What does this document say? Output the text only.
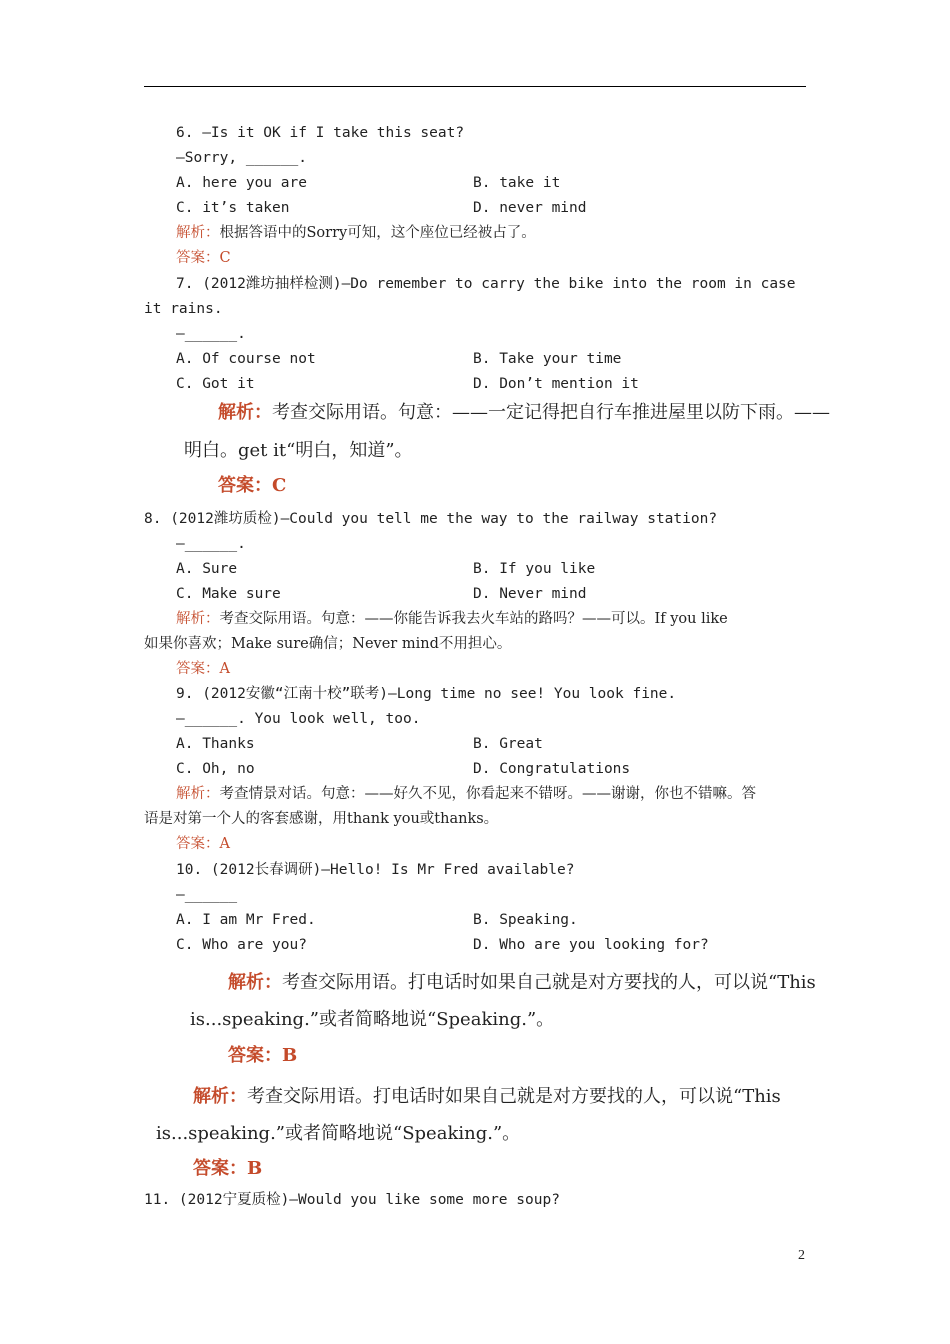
6. —Is it OK if I take this seat?
—Sorry, ______.
A. here you are	B. take it
C. it’s taken	D. never mind
解析：根据答语中的Sorry可知，这个座位已经被占了。
答案：C
7. (2012潍坊抽样检测)—Do remember to carry the bike into the room in case
it rains.
—______.
A. Of course not	B. Take your time
C. Got it	D. Don’t mention it
解析：考查交际用语。句意：——一定记得把自行车推进屋里以防下雨。——
明白。get it“明白，知道”。
答案：C
8. (2012潍坊质检)—Could you tell me the way to the railway station?
—______.
A. Sure	B. If you like
C. Make sure	D. Never mind
解析：考查交际用语。句意：——你能告诉我去火车站的路吗？——可以。If you like
如果你喜欢；Make sure确信；Never mind不用担心。
答案：A
9. (2012安徽“江南十校”联考)—Long time no see! You look fine.
—______. You look well, too.
A. Thanks	B. Great
C. Oh, no	D. Congratulations
解析：考查情景对话。句意：——好久不见，你看起来不错呀。——谢谢，你也不错嘛。答
语是对第一个人的客套感谢，用thank you或thanks。
答案：A
10. (2012长春调研)—Hello! Is Mr Fred available?
—______
A. I am Mr Fred.	B. Speaking.
C. Who are you?	D. Who are you looking for?
解析：考查交际用语。打电话时如果自己就是对方要找的人，可以说“This
is...speaking.”或者简略地说“Speaking.”。
答案：B
解析：考查交际用语。打电话时如果自己就是对方要找的人，可以说“This
is...speaking.”或者简略地说“Speaking.”。
答案：B
11. (2012宁夏质检)—Would you like some more soup?
2
